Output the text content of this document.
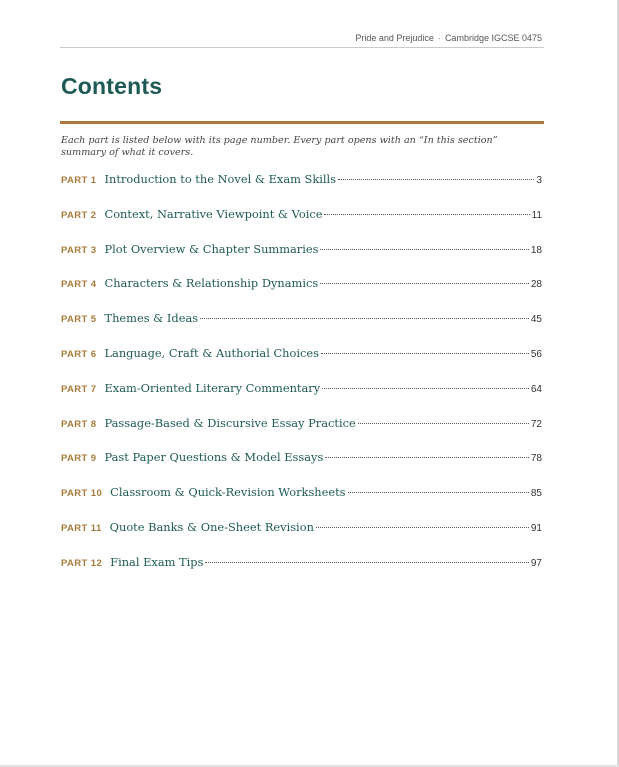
Pride and Prejudice · Cambridge IGCSE 0475
Contents

Each part is listed below with its page number. Every part opens with an “In this section” summary of what it covers.

PART 1 Introduction to the Novel & Exam Skills	3
PART 2 Context, Narrative Viewpoint & Voice	11
PART 3 Plot Overview & Chapter Summaries	18
PART 4 Characters & Relationship Dynamics	28
PART 5 Themes & Ideas	45
PART 6 Language, Craft & Authorial Choices	56
PART 7 Exam-Oriented Literary Commentary	64
PART 8 Passage-Based & Discursive Essay Practice	72
PART 9 Past Paper Questions & Model Essays	78
PART 10 Classroom & Quick-Revision Worksheets	85
PART 11 Quote Banks & One-Sheet Revision	91
PART 12 Final Exam Tips	97
